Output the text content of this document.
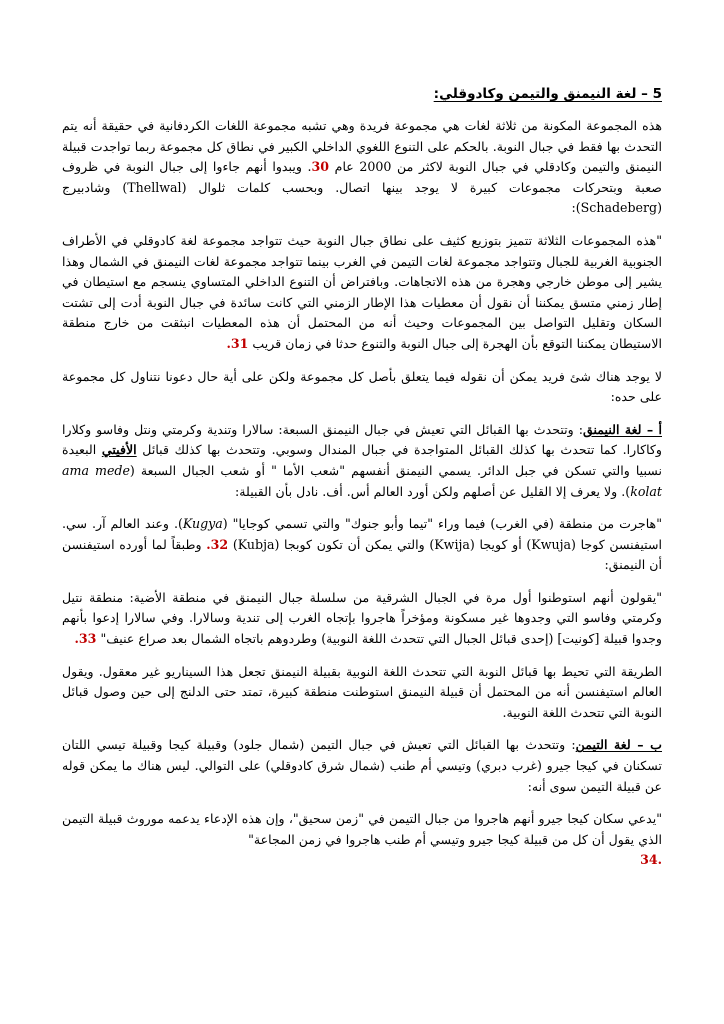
5 – لغة النيمنق والتيمن وكادوقلي:

هذه المجموعة المكونة من ثلاثة لغات هي مجموعة فريدة وهي تشبه مجموعة اللغات الكردفانية في حقيقة أنه يتم التحدث بها فقط في جبال النوبة. بالحكم على التنوع اللغوي الداخلي الكبير في نطاق كل مجموعة ربما تواجدت قبيلة النيمنق والتيمن وكادقلي في جبال النوبة لاكثر من 2000 عام 30. ويبدوا أنهم جاءوا إلى جبال النوبة في ظروف صعبة وبتحركات مجموعات كبيرة لا يوجد بينها اتصال. وبحسب كلمات ثلوال (Thellwal) وشادبيرج (Schadeberg):

"هذه المجموعات الثلاثة تتميز بتوزيع كثيف على نطاق جبال النوبة حيث تتواجد مجموعة لغة كادوقلي في الأطراف الجنوبية الغربية للجبال وتتواجد مجموعة لغات التيمن في الغرب بينما تتواجد مجموعة لغات النيمنق في الشمال وهذا يشير إلى موطن خارجي وهجرة من هذه الاتجاهات. وبافتراض أن التنوع الداخلي المتساوي ينسجم مع استيطان في إطار زمني متسق يمكننا أن نقول أن معطيات هذا الإطار الزمني التي كانت سائدة في جبال النوبة أدت إلى تشتت السكان وتقليل التواصل بين المجموعات وحيث أنه من المحتمل أن هذه المعطيات انبثقت من خارج منطقة الاستيطان يمكننا التوقع بأن الهجرة إلى جبال النوبة والتنوع حدثا في زمان قريب 31.

لا يوجد هناك شئ فريد يمكن أن نقوله فيما يتعلق بأصل كل مجموعة ولكن على أية حال دعونا نتناول كل مجموعة على حده:

أ – لغة النيمنق: وتتحدث بها القبائل التي تعيش في جبال النيمنق السبعة: سالارا وتندية وكرمتي ونتل وفاسو وكلارا وكاكارا. كما تتحدث بها كذلك القبائل المتواجدة في جبال المندال وسوبي. وتتحدث بها كذلك قبائل الأفيتي البعيدة نسبيا والتي تسكن في جبل الدائر. يسمي النيمنق أنفسهم "شعب الأما " أو شعب الجبال السبعة (ama mede kolat). ولا يعرف إلا القليل عن أصلهم ولكن أورد العالم أس. أف. نادل بأن القبيلة:

"هاجرت من منطقة (في الغرب) فيما وراء "تيما وأبو جنوك" والتي تسمي كوجايا" (Kugya). وعند العالم آر. سي. استيفنسن كوجا (Kwuja) أو كويجا (Kwija) والتي يمكن أن تكون كوبجا (Kubja) 32. وطبقاً لما أورده استيفنسن أن النيمنق:

"يقولون أنهم استوطنوا أول مرة في الجبال الشرقية من سلسلة جبال النيمنق في منطقة الأضية: منطقة نتيل وكرمتي وفاسو التي وجدوها غير مسكونة ومؤخراً هاجروا بإتجاه الغرب إلى تندية وسالارا. وفي سالارا إدعوا بأنهم وجدوا قبيلة [كونيت] (إحدى قبائل الجبال التي تتحدث اللغة النوبية) وطردوهم باتجاه الشمال بعد صراع عنيف" 33.

الطريقة التي تحيط بها قبائل النوبة التي تتحدث اللغة النوبية بقبيلة النيمنق تجعل هذا السيناريو غير معقول. ويقول العالم استيفنسن أنه من المحتمل أن قبيلة النيمنق استوطنت منطقة كبيرة، تمتد حتى الدلنج إلى حين وصول قبائل النوبة التي تتحدث اللغة النوبية.

ب – لغة التيمن: وتتحدث بها القبائل التي تعيش في جبال التيمن (شمال جلود) وقبيلة كيجا وقبيلة تيسي اللتان تسكنان في كيجا جيرو (غرب دبري) وتيسي أم طنب (شمال شرق كادوقلي) على التوالي. ليس هناك ما يمكن قوله عن قبيلة التيمن سوى أنه:

"يدعي سكان كيجا جيرو أنهم هاجروا من جبال التيمن في "زمن سحيق"، وإن هذه الإدعاء يدعمه موروث قبيلة التيمن الذي يقول أن كل من قبيلة كيجا جيرو وتيسي أم طنب هاجروا في زمن المجاعة"
.34
